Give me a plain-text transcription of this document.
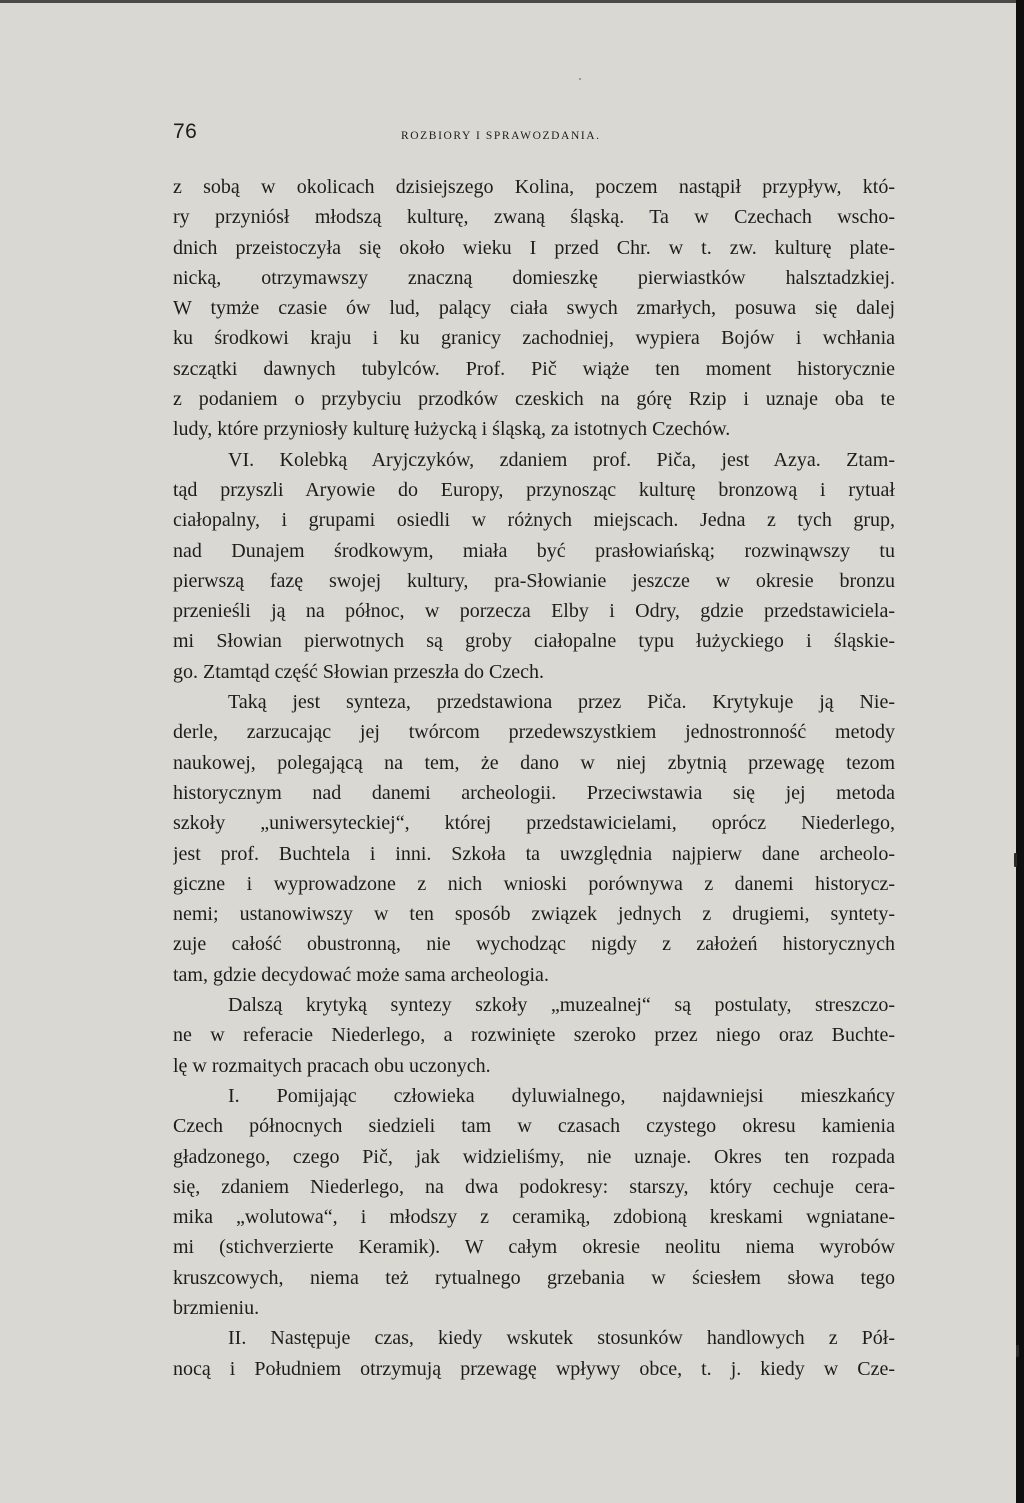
76	ROZBIORY I SPRAWOZDANIA.
z sobą w okolicach dzisiejszego Kolina, poczem nastąpił przypływ, któ-
ry przyniósł młodszą kulturę, zwaną śląską. Ta w Czechach wscho-
dnich przeistoczyła się około wieku I przed Chr. w t. zw. kulturę plate-
nicką, otrzymawszy znaczną domieszkę pierwiastków halsztadzkiej.
W tymże czasie ów lud, palący ciała swych zmarłych, posuwa się dalej
ku środkowi kraju i ku granicy zachodniej, wypiera Bojów i wchłania
szczątki dawnych tubylców. Prof. Pič wiąże ten moment historycznie
z podaniem o przybyciu przodków czeskich na górę Rzip i uznaje oba te
ludy, które przyniosły kulturę łużycką i śląską, za istotnych Czechów.
VI. Kolebką Aryjczyków, zdaniem prof. Piča, jest Azya. Ztam-
tąd przyszli Aryowie do Europy, przynosząc kulturę bronzową i rytuał
ciałopalny, i grupami osiedli w różnych miejscach. Jedna z tych grup,
nad Dunajem środkowym, miała być prasłowiańską; rozwinąwszy tu
pierwszą fazę swojej kultury, pra-Słowianie jeszcze w okresie bronzu
przenieśli ją na północ, w porzecza Elby i Odry, gdzie przedstawiciela-
mi Słowian pierwotnych są groby ciałopalne typu łużyckiego i śląskie-
go. Ztamtąd część Słowian przeszła do Czech.
Taką jest synteza, przedstawiona przez Piča. Krytykuje ją Nie-
derle, zarzucając jej twórcom przedewszystkiem jednostronność metody
naukowej, polegającą na tem, że dano w niej zbytnią przewagę tezom
historycznym nad danemi archeologii. Przeciwstawia się jej metoda
szkoły „uniwersyteckiej“, której przedstawicielami, oprócz Niederlego,
jest prof. Buchtela i inni. Szkoła ta uwzględnia najpierw dane archeolo-
giczne i wyprowadzone z nich wnioski porównywa z danemi historycz-
nemi; ustanowiwszy w ten sposób związek jednych z drugiemi, syntety-
zuje całość obustronną, nie wychodząc nigdy z założeń historycznych
tam, gdzie decydować może sama archeologia.
Dalszą krytyką syntezy szkoły „muzealnej“ są postulaty, streszczo-
ne w referacie Niederlego, a rozwinięte szeroko przez niego oraz Buchte-
lę w rozmaitych pracach obu uczonych.
I. Pomijając człowieka dyluwialnego, najdawniejsi mieszkańcy
Czech północnych siedzieli tam w czasach czystego okresu kamienia
gładzonego, czego Pič, jak widzieliśmy, nie uznaje. Okres ten rozpada
się, zdaniem Niederlego, na dwa podokresy: starszy, który cechuje cera-
mika „wolutowa“, i młodszy z ceramiką, zdobioną kreskami wgniatane-
mi (stichverzierte Keramik). W całym okresie neolitu niema wyrobów
kruszcowych, niema też rytualnego grzebania w ściesłem słowa tego
brzmieniu.
II. Następuje czas, kiedy wskutek stosunków handlowych z Pół-
nocą i Południem otrzymują przewagę wpływy obce, t. j. kiedy w Cze-
